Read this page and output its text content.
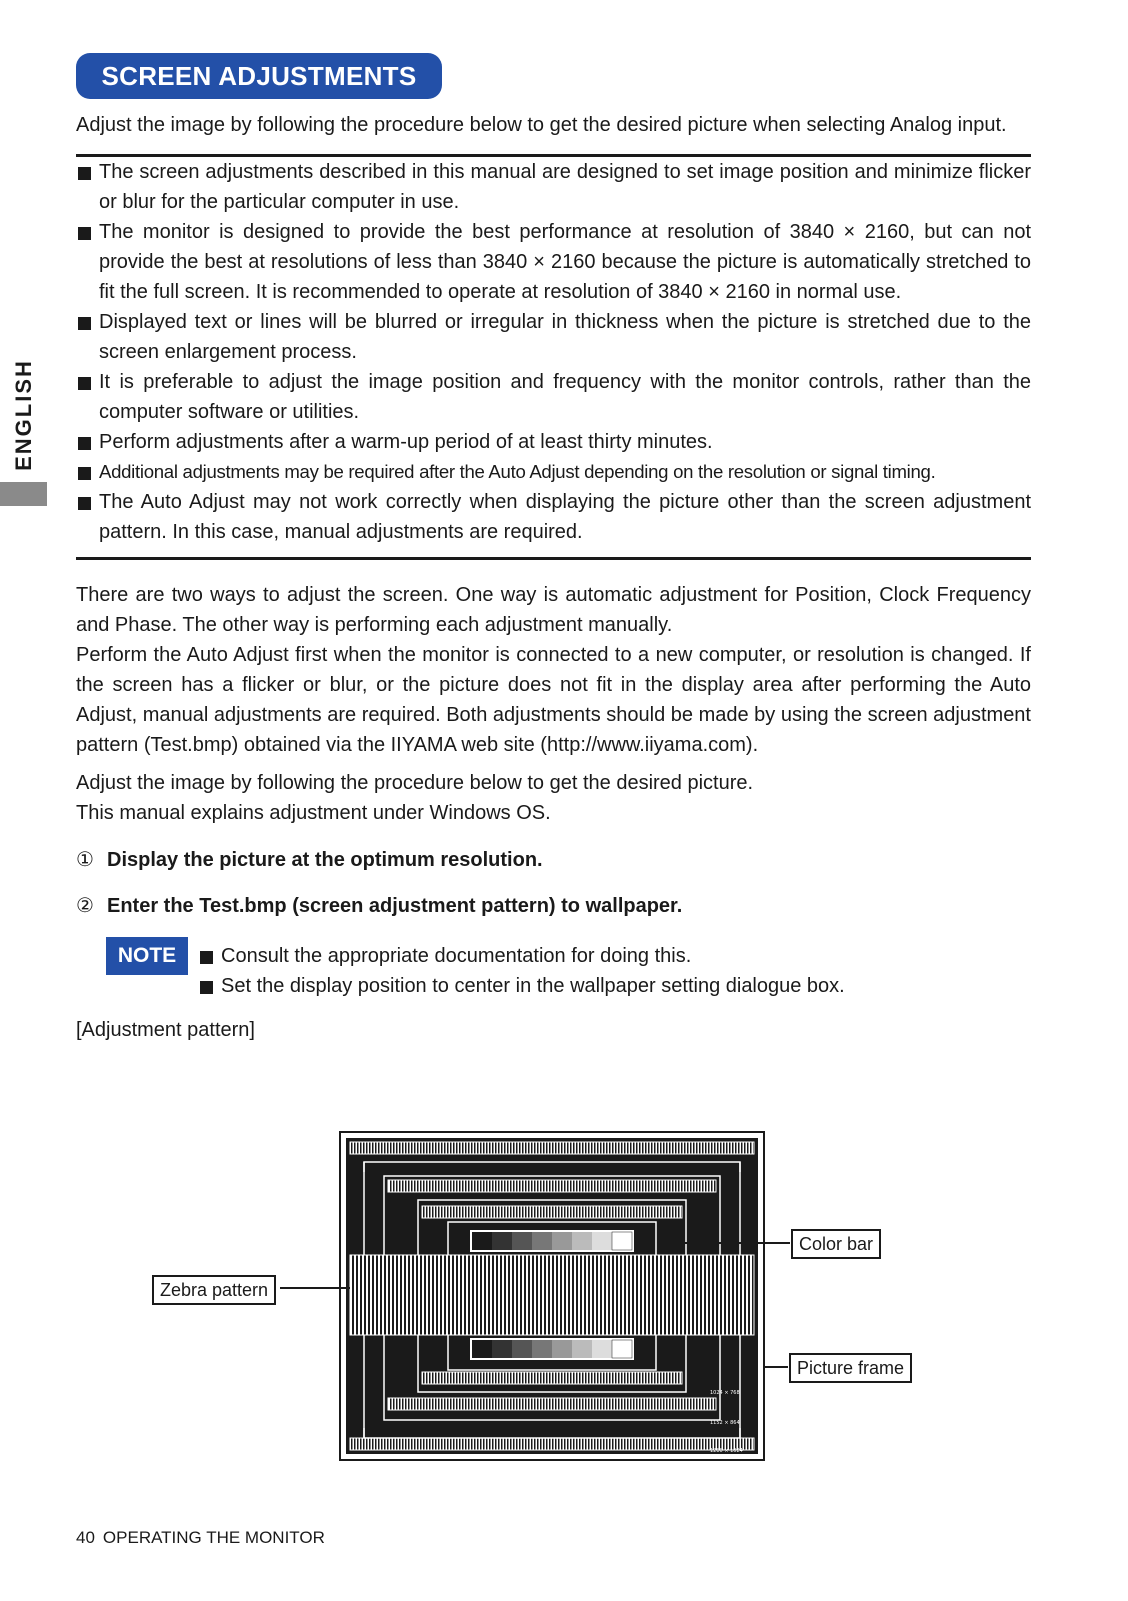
SCREEN ADJUSTMENTS
ENGLISH

Adjust the image by following the procedure below to get the desired picture when selecting Analog input.

The screen adjustments described in this manual are designed to set image position and minimize flicker or blur for the particular computer in use.
The monitor is designed to provide the best performance at resolution of 3840 × 2160, but can not provide the best at resolutions of less than 3840 × 2160 because the picture is automatically stretched to fit the full screen. It is recommended to operate at resolution of 3840 × 2160 in normal use.
Displayed text or lines will be blurred or irregular in thickness when the picture is stretched due to the screen enlargement process.
It is preferable to adjust the image position and frequency with the monitor controls, rather than the computer software or utilities.
Perform adjustments after a warm-up period of at least thirty minutes.
Additional adjustments may be required after the Auto Adjust depending on the resolution or signal timing.
The Auto Adjust may not work correctly when displaying the picture other than the screen adjustment pattern. In this case, manual adjustments are required.

There are two ways to adjust the screen. One way is automatic adjustment for Position, Clock Frequency and Phase. The other way is performing each adjustment manually.

Perform the Auto Adjust first when the monitor is connected to a new computer, or resolution is changed. If the screen has a flicker or blur, or the picture does not fit in the display area after performing the Auto Adjust, manual adjustments are required. Both adjustments should be made by using the screen adjustment pattern (Test.bmp) obtained via the IIYAMA web site (http://www.iiyama.com).

Adjust the image by following the procedure below to get the desired picture.

This manual explains adjustment under Windows OS.

① Display the picture at the optimum resolution.
② Enter the Test.bmp (screen adjustment pattern) to wallpaper.
NOTE	Consult the appropriate documentation for doing this.
Set the display position to center in the wallpaper setting dialogue box.

[Adjustment pattern]

1024 × 768
1152 × 864
1280 × 1024
Zebra pattern
Color bar
Picture frame
40 OPERATING THE MONITOR
